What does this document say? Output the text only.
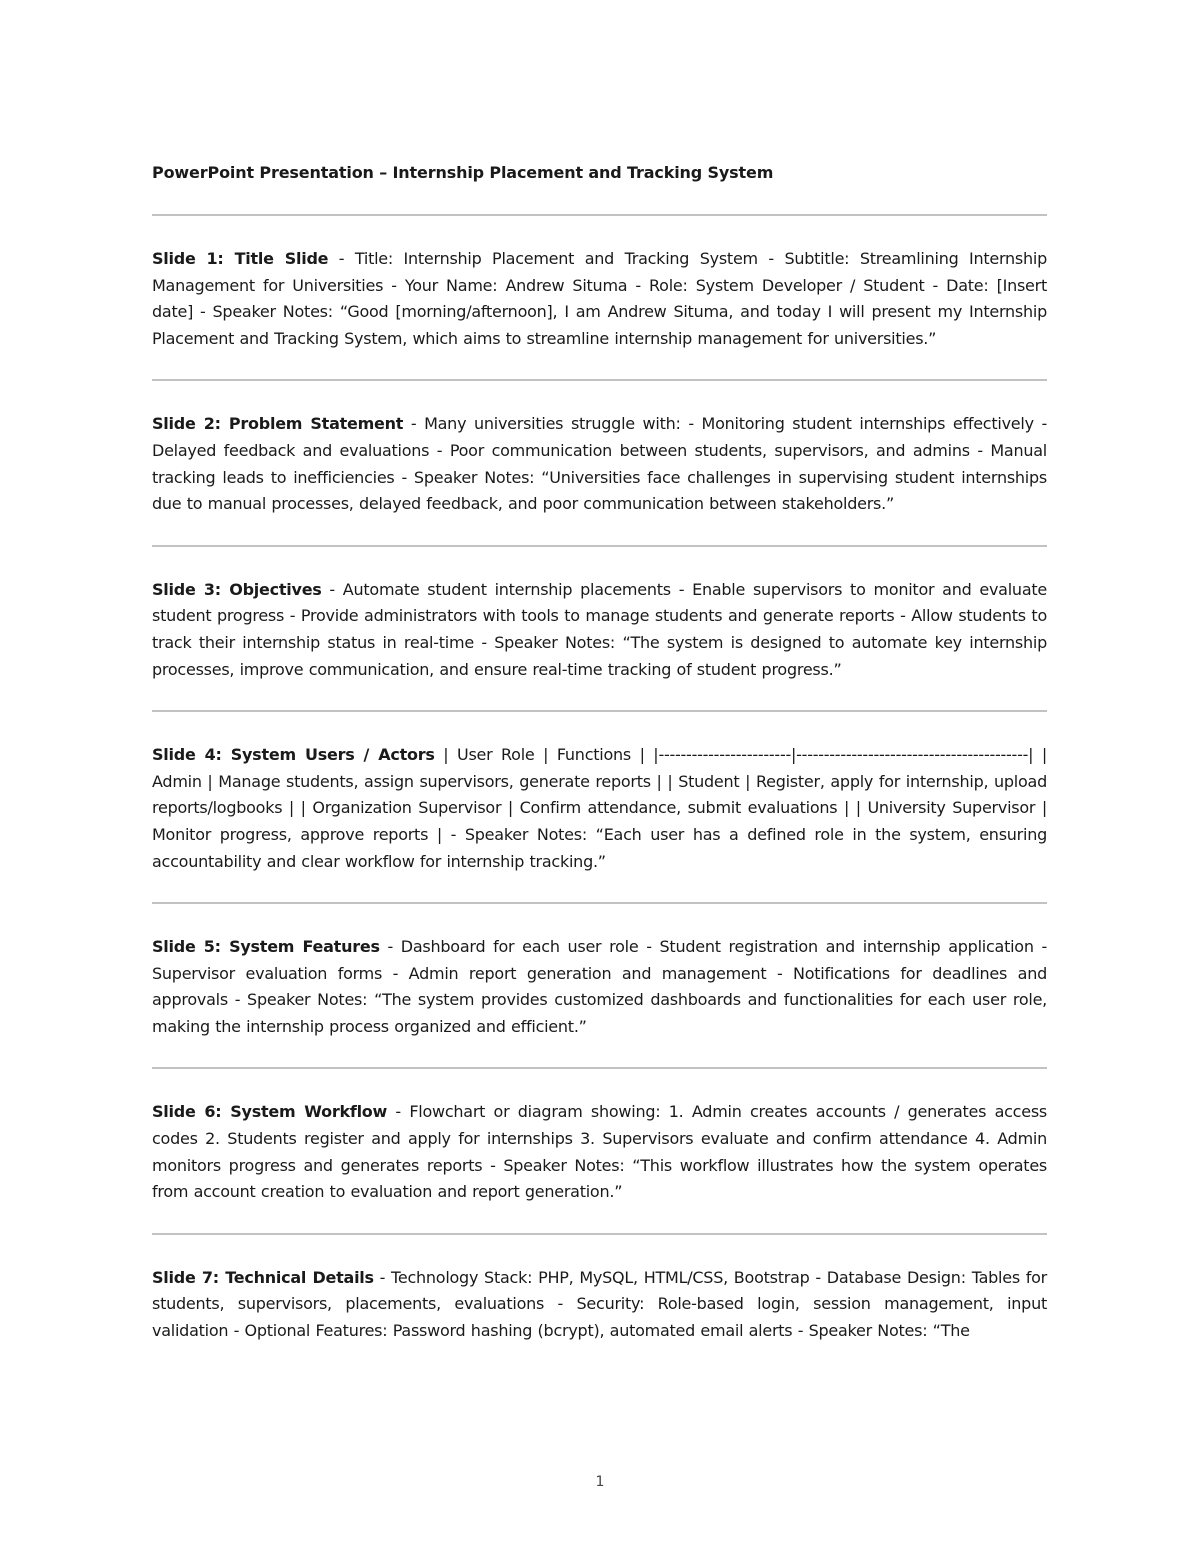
PowerPoint Presentation – Internship Placement and Tracking System

Slide 1: Title Slide - Title: Internship Placement and Tracking System - Subtitle: Streamlining Internship Management for Universities - Your Name: Andrew Situma - Role: System Developer / Student - Date: [Insert date] - Speaker Notes: “Good [morning/afternoon], I am Andrew Situma, and today I will present my Internship Placement and Tracking System, which aims to streamline internship management for universities.”

Slide 2: Problem Statement - Many universities struggle with: - Monitoring student internships effectively - Delayed feedback and evaluations - Poor communication between students, supervisors, and admins - Manual tracking leads to inefficiencies - Speaker Notes: “Universities face challenges in supervising student internships due to manual processes, delayed feedback, and poor communication between stakeholders.”

Slide 3: Objectives - Automate student internship placements - Enable supervisors to monitor and evaluate student progress - Provide administrators with tools to manage students and generate reports - Allow students to track their internship status in real-time - Speaker Notes: “The system is designed to automate key internship processes, improve communication, and ensure real-time tracking of student progress.”

Slide 4: System Users / Actors | User Role | Functions | |------------------------|------------------------------------------| | Admin | Manage students, assign supervisors, generate reports | | Student | Register, apply for internship, upload reports/logbooks | | Organization Supervisor | Confirm attendance, submit evaluations | | University Supervisor | Monitor progress, approve reports | - Speaker Notes: “Each user has a defined role in the system, ensuring accountability and clear workflow for internship tracking.”

Slide 5: System Features - Dashboard for each user role - Student registration and internship application - Supervisor evaluation forms - Admin report generation and management - Notifications for deadlines and approvals - Speaker Notes: “The system provides customized dashboards and functionalities for each user role, making the internship process organized and efficient.”

Slide 6: System Workflow - Flowchart or diagram showing: 1. Admin creates accounts / generates access codes 2. Students register and apply for internships 3. Supervisors evaluate and confirm attendance 4. Admin monitors progress and generates reports - Speaker Notes: “This workflow illustrates how the system operates from account creation to evaluation and report generation.”

Slide 7: Technical Details - Technology Stack: PHP, MySQL, HTML/CSS, Bootstrap - Database Design: Tables for students, supervisors, placements, evaluations - Security: Role-based login, session management, input validation - Optional Features: Password hashing (bcrypt), automated email alerts - Speaker Notes: “The

1
